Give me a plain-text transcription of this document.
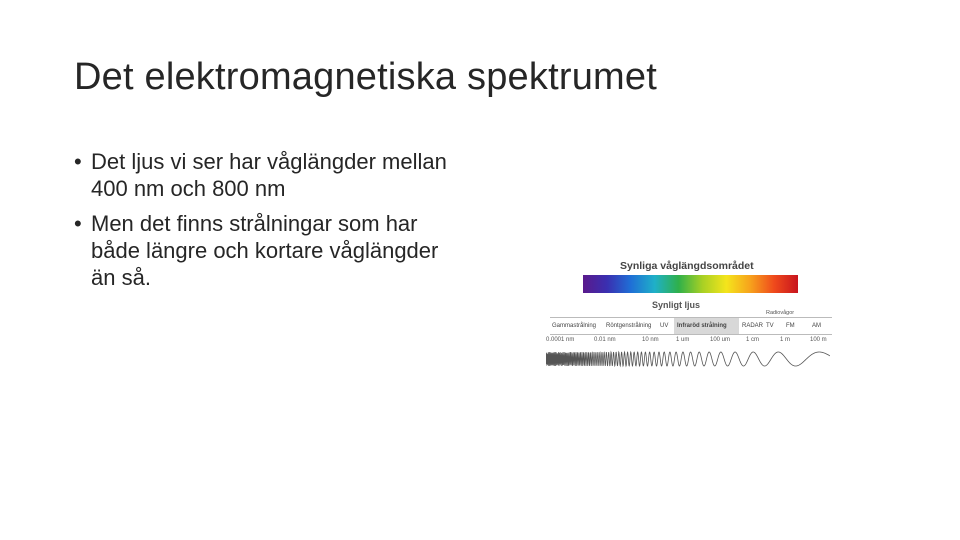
Det elektromagnetiska spektrumet
• Det ljus vi ser har våglängder mellan 400 nm och 800 nm
• Men det finns strålningar som har både längre och kortare våglängder än så.	Synliga våglängdsområdet
Synligt ljus
Gammastrålning Röntgenstrålning UV	Infraröd strålning	RADAR TV FM	AM
Radiovågor
0.0001 nm	0.01 nm	10 nm	1 um	100 um	1 cm	1 m	100 m
